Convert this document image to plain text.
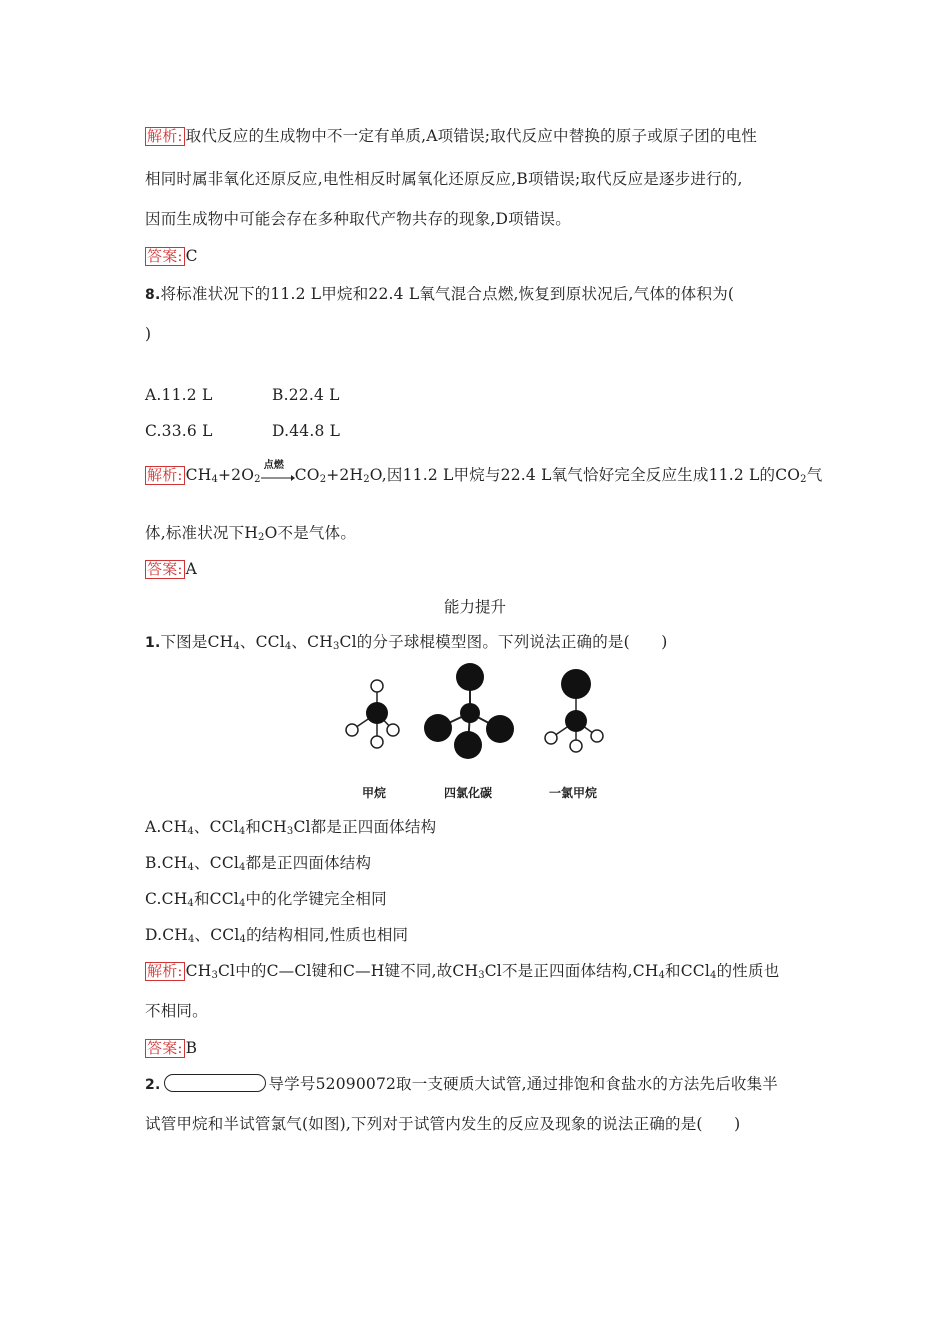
解析: 取代反应的生成物中不一定有单质,A项错误;取代反应中替换的原子或原子团的电性
相同时属非氧化还原反应,电性相反时属氧化还原反应,B项错误;取代反应是逐步进行的,
因而生成物中可能会存在多种取代产物共存的现象,D项错误。
答案: C
8.将标准状况下的11.2 L甲烷和22.4 L氧气混合点燃,恢复到原状况后,气体的体积为(
)
A.11.2 L	B.22.4 L
C.33.6 L	D.44.8 L
解析: $CH_4+2O_2$
点燃
$CO_2+2H_2O$,因11.2 L甲烷与22.4 L氧气恰好完全反应生成11.2 L的$CO_2$气
体,标准状况下$H_2O$不是气体。
答案: A
能力提升
1.下图是$CH_4$、CCl$_4$、$CH_3Cl$的分子球棍模型图。下列说法正确的是(　　)
甲烷	四氯化碳	一氯甲烷
$A.CH_4$、CCl$_4$和$CH_3Cl$都是正四面体结构
$B.CH_4$、CCl$_4$都是正四面体结构
$C.CH_4$和CCl$_4$中的化学键完全相同
$D.CH_4$、CCl$_4$的结构相同,性质也相同
解析: $CH_3Cl$中的C—Cl键和C—H键不同,故$CH_3Cl$不是正四面体结构$,CH_4$和CCl$_4$的性质也
不相同。
答案: B
2.	导学号52090072取一支硬质大试管,通过排饱和食盐水的方法先后收集半
试管甲烷和半试管氯气(如图),下列对于试管内发生的反应及现象的说法正确的是(　　)
